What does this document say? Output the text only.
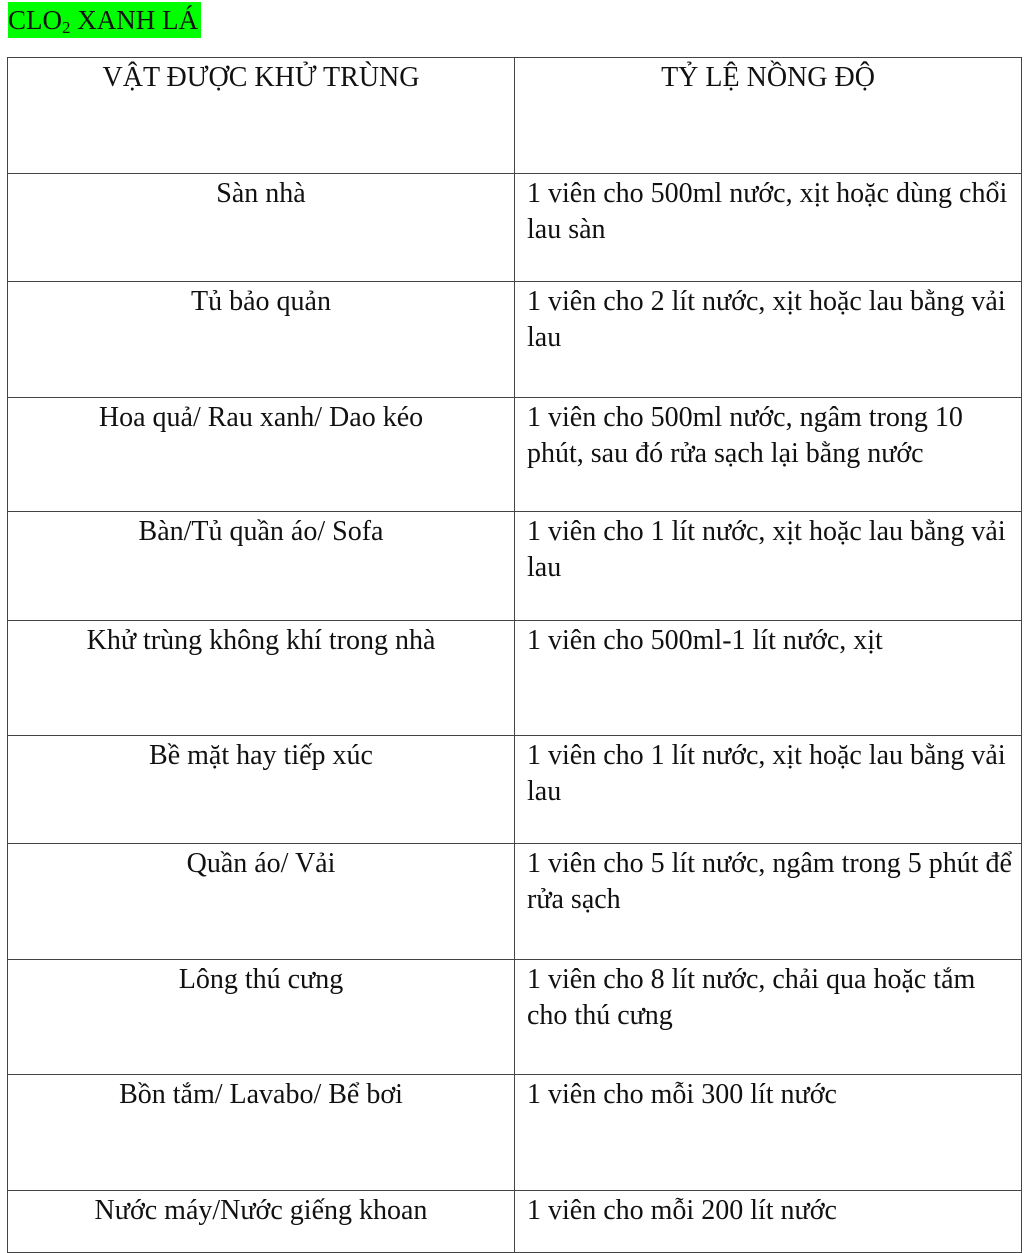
$CLO_2$ XANH LÁ
VẬT ĐƯỢC KHỬ TRÙNG	TỶ LỆ NỒNG ĐỘ

Sàn nhà	1 viên cho 500ml nước, xịt hoặc dùng chổi lau sàn

Tủ bảo quản	1 viên cho 2 lít nước, xịt hoặc lau bằng vải lau

Hoa quả/ Rau xanh/ Dao kéo	1 viên cho 500ml nước, ngâm trong 10 phút, sau đó rửa sạch lại bằng nước

Bàn/Tủ quần áo/ Sofa	1 viên cho 1 lít nước, xịt hoặc lau bằng vải lau

Khử trùng không khí trong nhà	1 viên cho 500ml-1 lít nước, xịt

Bề mặt hay tiếp xúc	1 viên cho 1 lít nước, xịt hoặc lau bằng vải lau

Quần áo/ Vải	1 viên cho 5 lít nước, ngâm trong 5 phút để rửa sạch

Lông thú cưng	1 viên cho 8 lít nước, chải qua hoặc tắm cho thú cưng

Bồn tắm/ Lavabo/ Bể bơi	1 viên cho mỗi 300 lít nước

Nước máy/Nước giếng khoan	1 viên cho mỗi 200 lít nước
